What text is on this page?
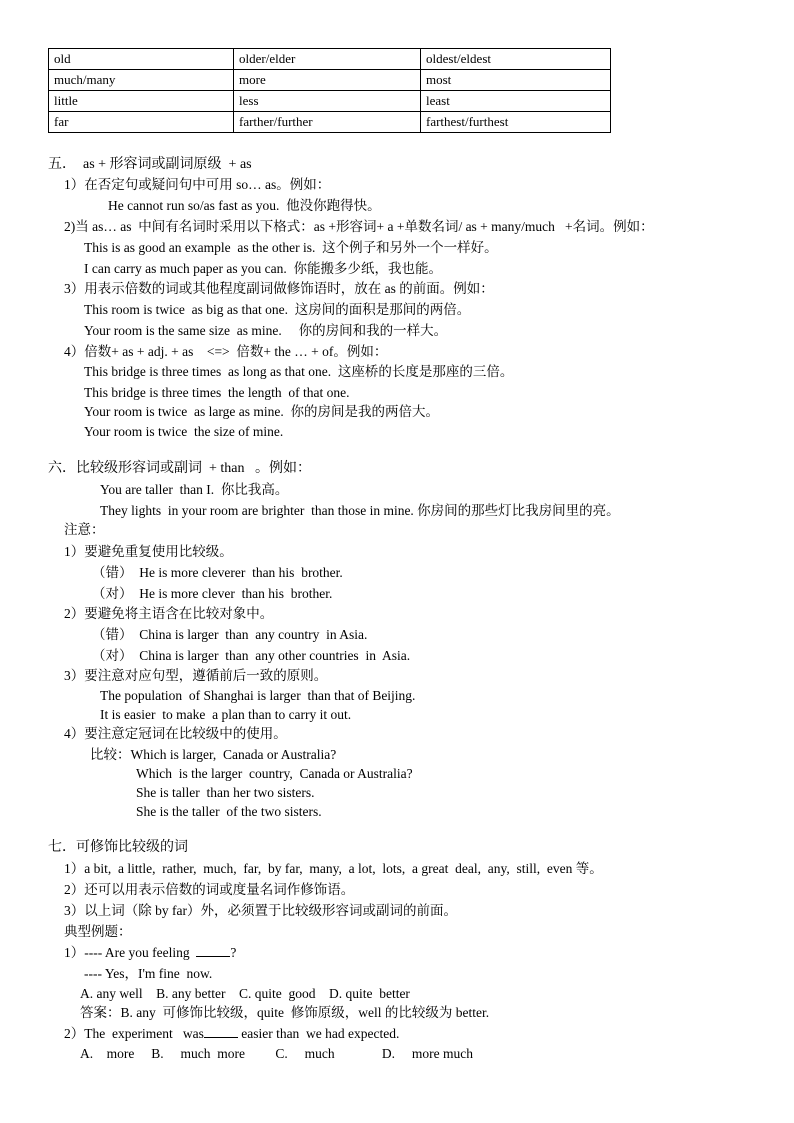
old	older/elder	oldest/eldest
much/many	more	most
little	less	least
far	farther/further	farthest/furthest
五．  as + 形容词或副词原级  + as
1）在否定句或疑问句中可用 so… as。例如：
He cannot run so/as fast as you.  他没你跑得快。
2)当 as… as  中间有名词时采用以下格式：as +形容词+ a +单数名词/ as + many/much   +名词。例如：
This is as good an example  as the other is.  这个例子和另外一个一样好。
I can carry as much paper as you can.  你能搬多少纸，我也能。
3）用表示倍数的词或其他程度副词做修饰语时，放在 as 的前面。例如：
This room is twice  as big as that one.  这房间的面积是那间的两倍。
Your room is the same size  as mine.     你的房间和我的一样大。
4）倍数+ as + adj. + as    <=>  倍数+ the … + of。例如：
This bridge is three times  as long as that one.  这座桥的长度是那座的三倍。
This bridge is three times  the length  of that one.
Your room is twice  as large as mine.  你的房间是我的两倍大。
Your room is twice  the size of mine.
六．比较级形容词或副词  + than   。例如：
You are taller  than I.  你比我高。
They lights  in your room are brighter  than those in mine. 你房间的那些灯比我房间里的亮。
注意：
1）要避免重复使用比较级。
（错）  He is more cleverer  than his  brother.
（对）  He is more clever  than his  brother.
2）要避免将主语含在比较对象中。
（错）  China is larger  than  any country  in Asia.
（对）  China is larger  than  any other countries  in  Asia.
3）要注意对应句型，遵循前后一致的原则。
The population  of Shanghai is larger  than that of Beijing.
It is easier  to make  a plan than to carry it out.
4）要注意定冠词在比较级中的使用。
比较：Which is larger,  Canada or Australia?
Which  is the larger  country,  Canada or Australia?
She is taller  than her two sisters.
She is the taller  of the two sisters.
七．可修饰比较级的词
1）a bit,  a little,  rather,  much,  far,  by far,  many,  a lot,  lots,  a great  deal,  any,  still,  even 等。
2）还可以用表示倍数的词或度量名词作修饰语。
3）以上词（除 by far）外，必须置于比较级形容词或副词的前面。
典型例题：
1）---- Are you feeling	?
---- Yes，I'm fine  now.
A. any well    B. any better    C. quite  good    D. quite  better
答案：B. any  可修饰比较级，quite  修饰原级，well 的比较级为 better.
2）The  experiment   was	easier than  we had expected.
A.    more     B.     much  more         C.     much              D.     more much
